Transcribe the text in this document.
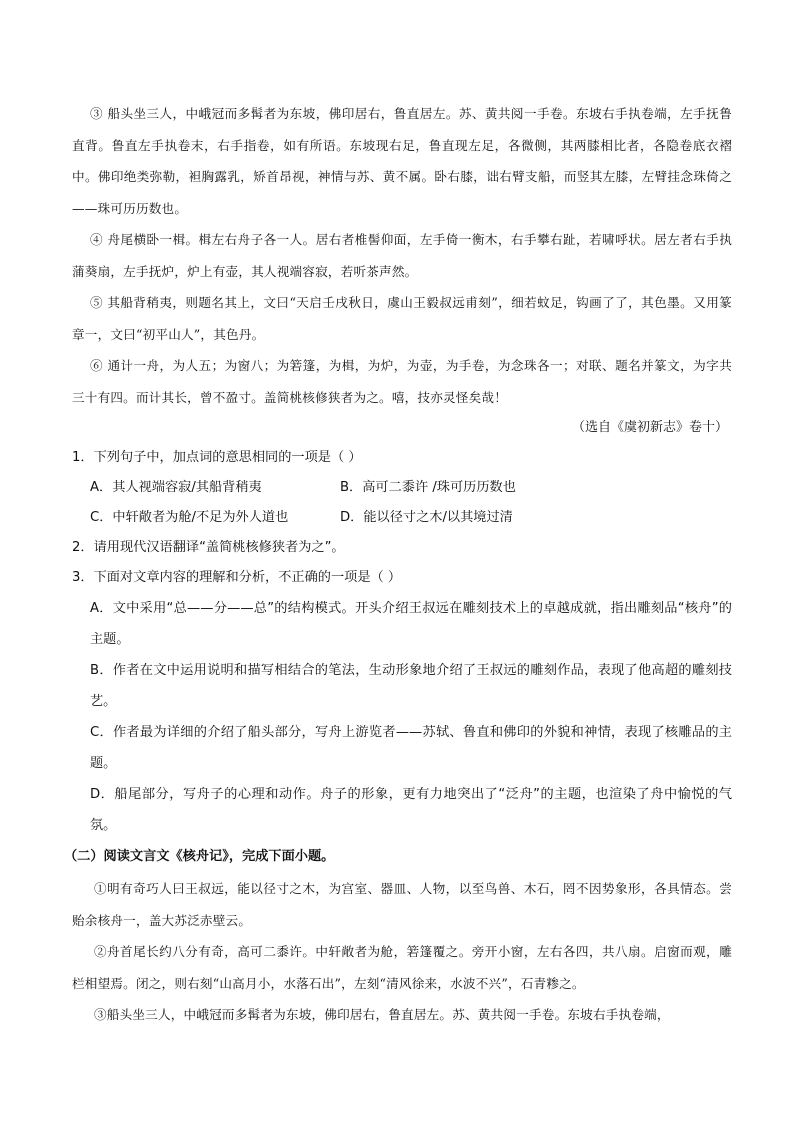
③ 船头坐三人，中峨冠而多髯者为东坡，佛印居右，鲁直居左。苏、黄共阅一手卷。东坡右手执卷端，左手抚鲁直背。鲁直左手执卷末，右手指卷，如有所语。东坡现右足，鲁直现左足，各微侧，其两膝相比者，各隐卷底衣褶中。佛印绝类弥勒，袒胸露乳，矫首昂视，神情与苏、黄不属。卧右膝，诎右臂支船，而竖其左膝，左臂挂念珠倚之——珠可历历数也。

④ 舟尾横卧一楫。楫左右舟子各一人。居右者椎髻仰面，左手倚一衡木，右手攀右趾，若啸呼状。居左者右手执蒲葵扇，左手抚炉，炉上有壶，其人视端容寂，若听茶声然。

⑤ 其船背稍夷，则题名其上，文曰“天启壬戌秋日，虞山王毅叔远甫刻”，细若蚊足，钩画了了，其色墨。又用篆章一，文曰“初平山人”，其色丹。

⑥ 通计一舟，为人五；为窗八；为箬篷，为楫，为炉，为壶，为手卷，为念珠各一；对联、题名并篆文，为字共三十有四。而计其长，曾不盈寸。盖简桃核修狭者为之。嘻，技亦灵怪矣哉！

（选自《虞初新志》卷十）

1．下列句子中，加点词的意思相同的一项是（ ）

A．其人视端容寂/其船背稍夷	B．高可二黍许 /珠可历历数也
C．中轩敞者为舱/不足为外人道也	D．能以径寸之木/以其境过清

2．请用现代汉语翻译“盖简桃核修狭者为之”。

3．下面对文章内容的理解和分析，不正确的一项是（ ）

A．文中采用“总——分——总”的结构模式。开头介绍王叔远在雕刻技术上的卓越成就，指出雕刻品“核舟”的主题。

B．作者在文中运用说明和描写相结合的笔法，生动形象地介绍了王叔远的雕刻作品，表现了他高超的雕刻技艺。

C．作者最为详细的介绍了船头部分，写舟上游览者——苏轼、鲁直和佛印的外貌和神情，表现了核雕品的主题。

D．船尾部分，写舟子的心理和动作。舟子的形象，更有力地突出了“泛舟”的主题，也渲染了舟中愉悦的气氛。

（二）阅读文言文《核舟记》，完成下面小题。

①明有奇巧人曰王叔远，能以径寸之木，为宫室、器皿、人物，以至鸟兽、木石，罔不因势象形，各具情态。尝贻余核舟一，盖大苏泛赤壁云。

②舟首尾长约八分有奇，高可二黍许。中轩敞者为舱，箬篷覆之。旁开小窗，左右各四，共八扇。启窗而观，雕栏相望焉。闭之，则右刻“山高月小，水落石出”，左刻“清风徐来，水波不兴”，石青糁之。

③船头坐三人，中峨冠而多髯者为东坡，佛印居右，鲁直居左。苏、黄共阅一手卷。东坡右手执卷端，
